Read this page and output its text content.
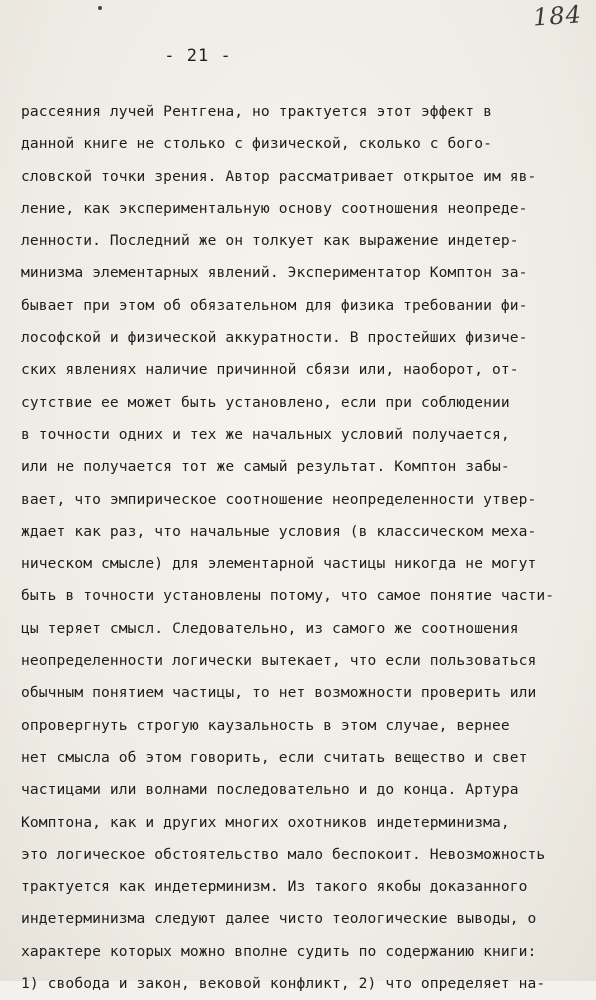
184
- 21 -
рассеяния лучей Рентгена, но трактуется этот эффект в
данной книге не столько с физической, сколько с бого-
словской точки зрения. Автор рассматривает открытое им яв-
ление, как экспериментальную основу соотношения неопреде-
ленности. Последний же он толкует как выражение индетер-
минизма элементарных явлений. Экспериментатор Комптон за-
бывает при этом об обязательном для физика требовании фи-
лософской и физической аккуратности. В простейших физиче-
ских явлениях наличие причинной сбязи или, наоборот, от-
сутствие ее может быть установлено, если при соблюдении
в точности одних и тех же начальных условий получается,
или не получается тот же самый результат. Комптон забы-
вает, что эмпирическое соотношение неопределенности утвер-
ждает как раз, что начальные условия (в классическом меха-
ническом смысле) для элементарной частицы никогда не могут
быть в точности установлены потому, что самое понятие части-
цы теряет смысл. Следовательно, из самого же соотношения
неопределенности логически вытекает, что если пользоваться
обычным понятием частицы, то нет возможности проверить или
опровергнуть строгую каузальность в этом случае, вернее
нет смысла об этом говорить, если считать вещество и свет
частицами или волнами последовательно и до конца. Артура
Комптона, как и других многих охотников индетерминизма,
это логическое обстоятельство мало беспокоит. Невозможность
трактуется как индетерминизм. Из такого якобы доказанного
индетерминизма следуют далее чисто теологические выводы, о
характере которых можно вполне судить по содержанию книги:
1) свобода и закон, вековой конфликт, 2) что определяет на-
